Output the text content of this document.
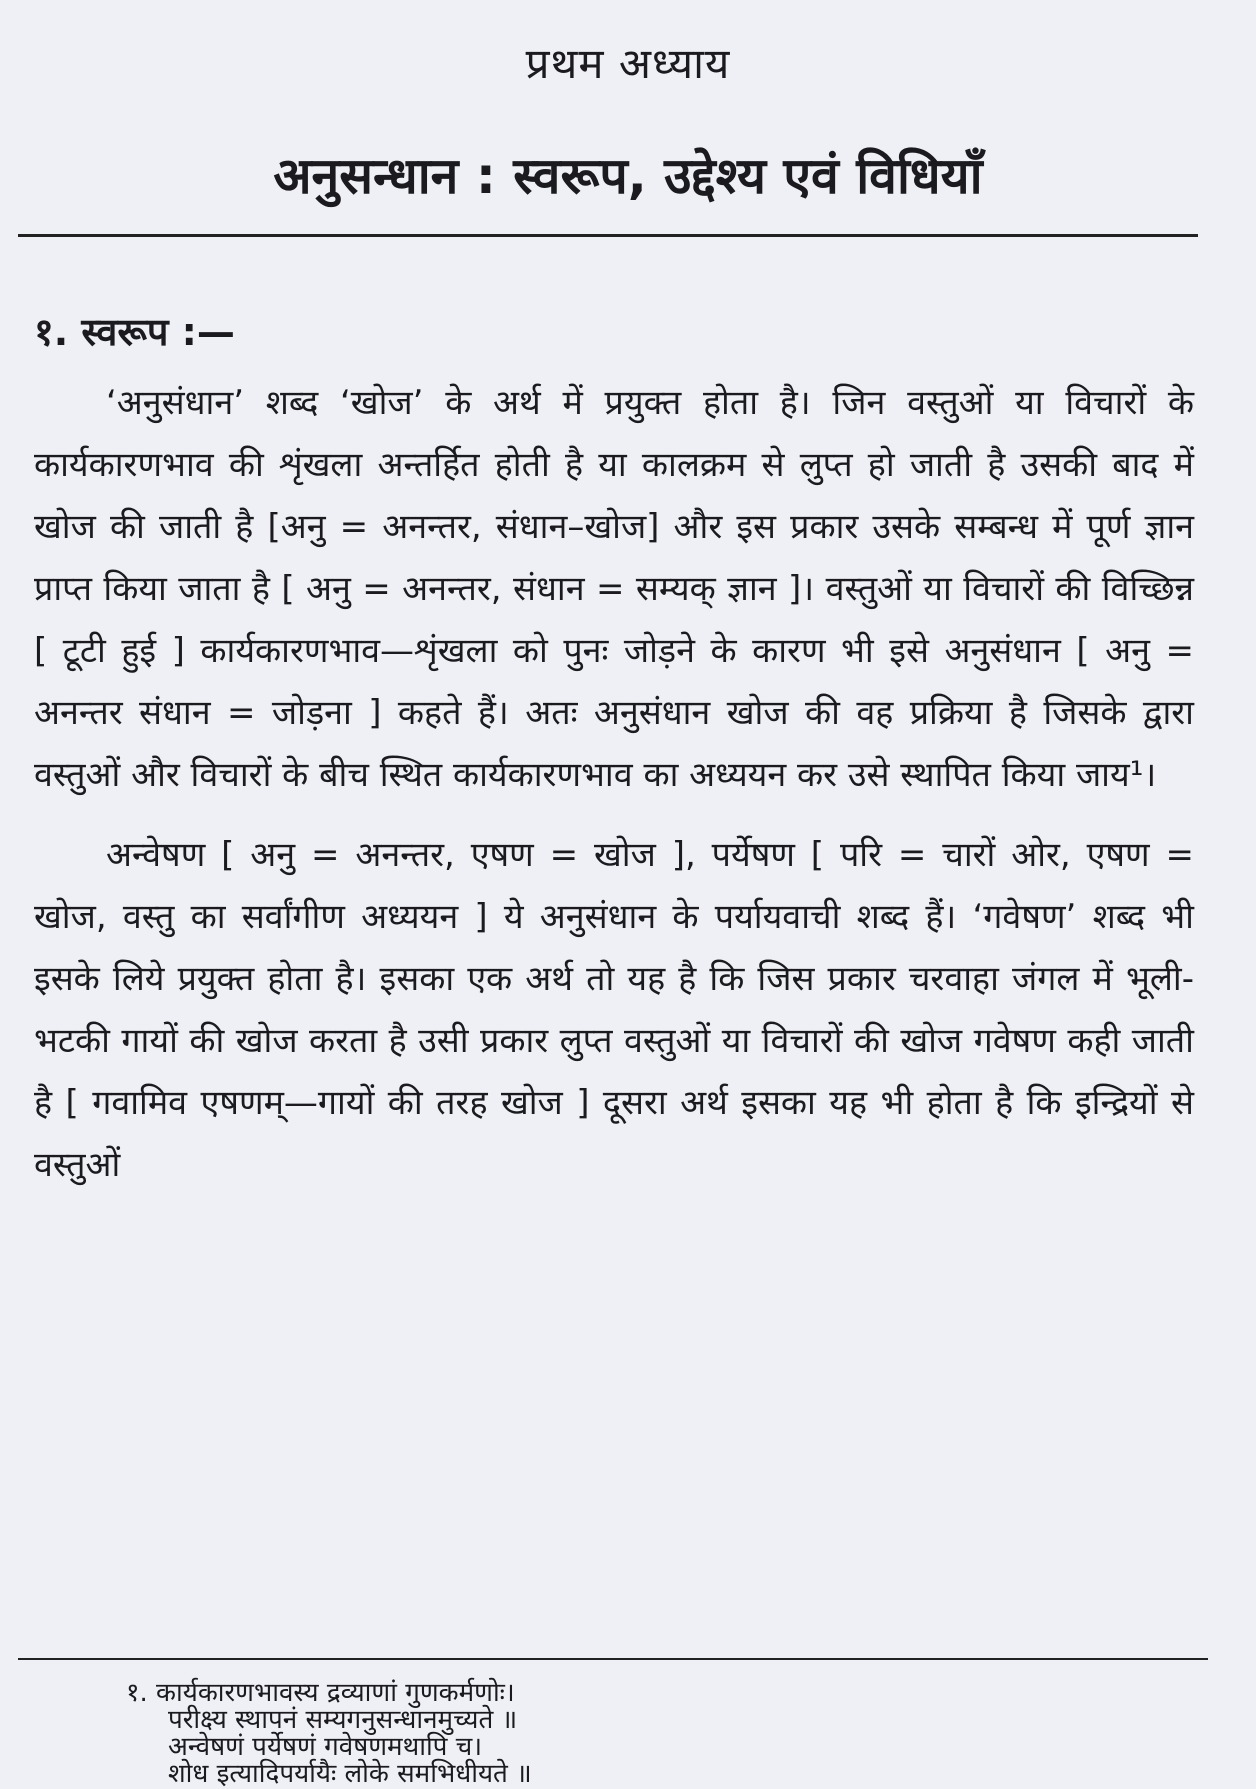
प्रथम अध्याय
अनुसन्धान : स्वरूप, उद्देश्य एवं विधियाँ
१. स्वरूप :—

‘अनुसंधान’ शब्द ‘खोज’ के अर्थ में प्रयुक्त होता है। जिन वस्तुओं या विचारों के कार्यकारणभाव की शृंखला अन्तर्हित होती है या कालक्रम से लुप्त हो जाती है उसकी बाद में खोज की जाती है [अनु = अनन्तर, संधान–खोज] और इस प्रकार उसके सम्बन्ध में पूर्ण ज्ञान प्राप्त किया जाता है [ अनु = अनन्तर, संधान = सम्यक् ज्ञान ]। वस्तुओं या विचारों की विच्छिन्न [ टूटी हुई ] कार्यकारणभाव—शृंखला को पुनः जोड़ने के कारण भी इसे अनुसंधान [ अनु = अनन्तर संधान = जोड़ना ] कहते हैं। अतः अनुसंधान खोज की वह प्रक्रिया है जिसके द्वारा वस्तुओं और विचारों के बीच स्थित कार्यकारणभाव का अध्ययन कर उसे स्थापित किया जाय¹।

अन्वेषण [ अनु = अनन्तर, एषण = खोज ], पर्येषण [ परि = चारों ओर, एषण = खोज, वस्तु का सर्वांगीण अध्ययन ] ये अनुसंधान के पर्यायवाची शब्द हैं। ‘गवेषण’ शब्द भी इसके लिये प्रयुक्त होता है। इसका एक अर्थ तो यह है कि जिस प्रकार चरवाहा जंगल में भूली-भटकी गायों की खोज करता है उसी प्रकार लुप्त वस्तुओं या विचारों की खोज गवेषण कही जाती है [ गवामिव एषणम्—गायों की तरह खोज ] दूसरा अर्थ इसका यह भी होता है कि इन्द्रियों से वस्तुओं

१. कार्यकारणभावस्य द्रव्याणां गुणकर्मणोः।
परीक्ष्य स्थापनं सम्यगनुसन्धानमुच्यते ॥
अन्वेषणं पर्येषणं गवेषणमथापि च।
शोध इत्यादिपर्यायैः लोके समभिधीयते ॥
